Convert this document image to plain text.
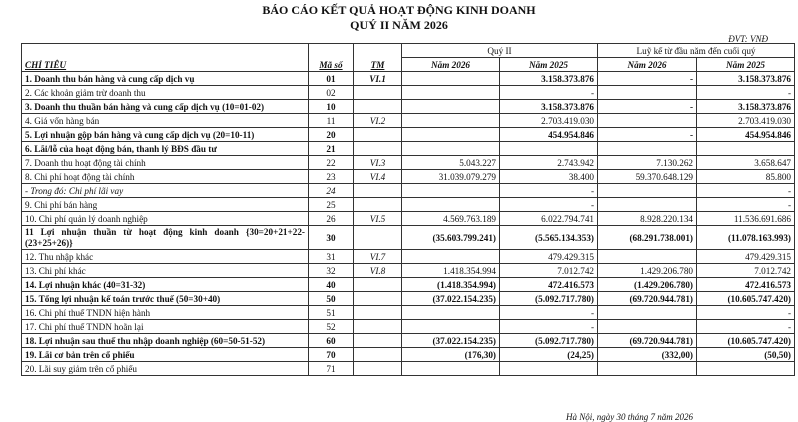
BÁO CÁO KẾT QUẢ HOẠT ĐỘNG KINH DOANH
QUÝ II NĂM 2026
ĐVT: VNĐ
CHỈ TIÊU	Mã số	TM	Quý II		Luỹ kế từ đầu năm đến cuối quý	
			Năm 2026	Năm 2025	Năm 2026	Năm 2025
1. Doanh thu bán hàng và cung cấp dịch vụ	01	VI.1		3.158.373.876	-	3.158.373.876
2. Các khoản giảm trừ doanh thu	02			-		-
3. Doanh thu thuần bán hàng và cung cấp dịch vụ (10=01-02)	10			3.158.373.876	-	3.158.373.876
4. Giá vốn hàng bán	11	VI.2		2.703.419.030		2.703.419.030
5. Lợi nhuận gộp bán hàng và cung cấp dịch vụ (20=10-11)	20			454.954.846	-	454.954.846
6. Lãi/lỗ của hoạt động bán, thanh lý BĐS đầu tư	21					
7. Doanh thu hoạt động tài chính	22	VI.3	5.043.227	2.743.942	7.130.262	3.658.647
8. Chi phí hoạt động tài chính	23	VI.4	31.039.079.279	38.400	59.370.648.129	85.800
- Trong đó: Chi phí lãi vay	24			-		-
9. Chi phí bán hàng	25			-		-
10. Chi phí quản lý doanh nghiệp	26	VI.5	4.569.763.189	6.022.794.741	8.928.220.134	11.536.691.686
11 Lợi nhuận thuần từ hoạt động kinh doanh {30=20+21+22-(23+25+26)}	30		(35.603.799.241)	(5.565.134.353)	(68.291.738.001)	(11.078.163.993)
12. Thu nhập khác	31	VI.7		479.429.315		479.429.315
13. Chi phí khác	32	VI.8	1.418.354.994	7.012.742	1.429.206.780	7.012.742
14. Lợi nhuận khác (40=31-32)	40		(1.418.354.994)	472.416.573	(1.429.206.780)	472.416.573
15. Tổng lợi nhuận kế toán trước thuế (50=30+40)	50		(37.022.154.235)	(5.092.717.780)	(69.720.944.781)	(10.605.747.420)
16. Chi phí thuế TNDN hiện hành	51			-		-
17. Chi phí thuế TNDN hoãn lại	52			-		-
18. Lợi nhuận sau thuế thu nhập doanh nghiệp (60=50-51-52)	60		(37.022.154.235)	(5.092.717.780)	(69.720.944.781)	(10.605.747.420)
19. Lãi cơ bản trên cổ phiếu	70		(176,30)	(24,25)	(332,00)	(50,50)
20. Lãi suy giảm trên cổ phiếu	71					
Hà Nội, ngày 30 tháng 7 năm 2026
